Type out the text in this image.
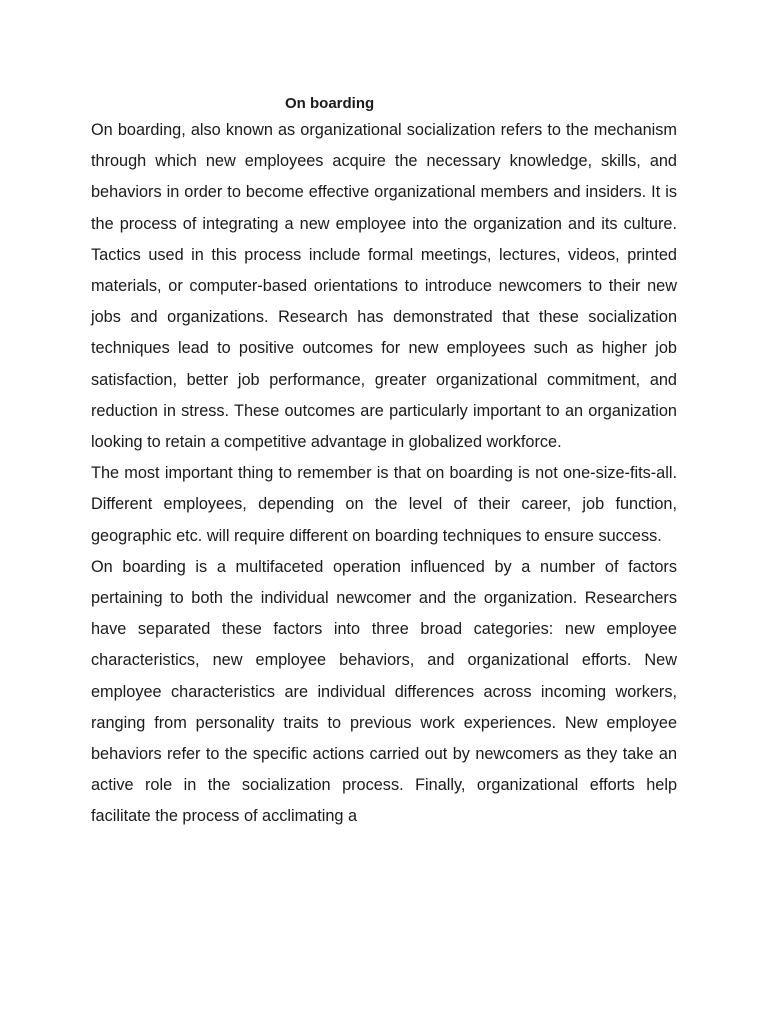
On boarding

On boarding, also known as organizational socialization refers to the mechanism through which new employees acquire the necessary knowledge, skills, and behaviors in order to become effective organizational members and insiders. It is the process of integrating a new employee into the organization and its culture. Tactics used in this process include formal meetings, lectures, videos, printed materials, or computer-based orientations to introduce newcomers to their new jobs and organizations. Research has demonstrated that these socialization techniques lead to positive outcomes for new employees such as higher job satisfaction, better job performance, greater organizational commitment, and reduction in stress. These outcomes are particularly important to an organization looking to retain a competitive advantage in globalized workforce.

The most important thing to remember is that on boarding is not one-size-fits-all. Different employees, depending on the level of their career, job function, geographic etc. will require different on boarding techniques to ensure success.

On boarding is a multifaceted operation influenced by a number of factors pertaining to both the individual newcomer and the organization. Researchers have separated these factors into three broad categories: new employee characteristics, new employee behaviors, and organizational efforts. New employee characteristics are individual differences across incoming workers, ranging from personality traits to previous work experiences. New employee behaviors refer to the specific actions carried out by newcomers as they take an active role in the socialization process. Finally, organizational efforts help facilitate the process of acclimating a
